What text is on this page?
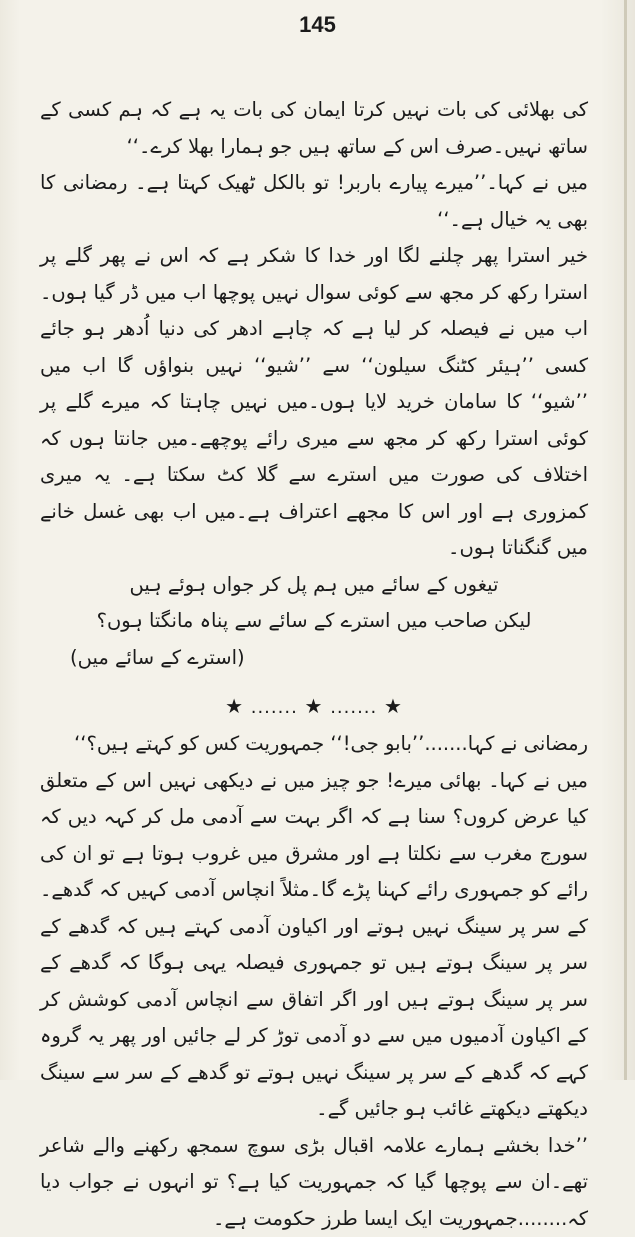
145

کی بھلائی کی بات نہیں کرتا ایمان کی بات یہ ہے کہ ہم کسی کے ساتھ نہیں۔صرف اس کے ساتھ ہیں جو ہمارا بھلا کرے۔‘‘

میں نے کہا۔’’میرے پیارے باربر! تو بالکل ٹھیک کہتا ہے۔ رمضانی کا بھی یہ خیال ہے۔‘‘

خیر استرا پھر چلنے لگا اور خدا کا شکر ہے کہ اس نے پھر گلے پر استرا رکھ کر مجھ سے کوئی سوال نہیں پوچھا اب میں ڈر گیا ہوں۔اب میں نے فیصلہ کر لیا ہے کہ چاہے ادھر کی دنیا اُدھر ہو جائے کسی ’’ہیئر کٹنگ سیلون‘‘ سے ’’شیو‘‘ نہیں بنواؤں گا اب میں ’’شیو‘‘ کا سامان خرید لایا ہوں۔میں نہیں چاہتا کہ میرے گلے پر کوئی استرا رکھ کر مجھ سے میری رائے پوچھے۔میں جانتا ہوں کہ اختلاف کی صورت میں استرے سے گلا کٹ سکتا ہے۔ یہ میری کمزوری ہے اور اس کا مجھے اعتراف ہے۔میں اب بھی غسل خانے میں گنگناتا ہوں۔

تیغوں کے سائے میں ہم پل کر جواں ہوئے ہیں

لیکن صاحب میں استرے کے سائے سے پناہ مانگتا ہوں؟

(استرے کے سائے میں)

★ ....... ★ ....... ★

رمضانی نے کہا.......’’بابو جی!‘‘ جمہوریت کس کو کہتے ہیں؟‘‘

میں نے کہا۔ بھائی میرے! جو چیز میں نے دیکھی نہیں اس کے متعلق کیا عرض کروں؟ سنا ہے کہ اگر بہت سے آدمی مل کر کہہ دیں کہ سورج مغرب سے نکلتا ہے اور مشرق میں غروب ہوتا ہے تو ان کی رائے کو جمہوری رائے کہنا پڑے گا۔مثلاً انچاس آدمی کہیں کہ گدھے۔کے سر پر سینگ نہیں ہوتے اور اکیاون آدمی کہتے ہیں کہ گدھے کے سر پر سینگ ہوتے ہیں تو جمہوری فیصلہ یہی ہوگا کہ گدھے کے سر پر سینگ ہوتے ہیں اور اگر اتفاق سے انچاس آدمی کوشش کر کے اکیاون آدمیوں میں سے دو آدمی توڑ کر لے جائیں اور پھر یہ گروہ کہے کہ گدھے کے سر پر سینگ نہیں ہوتے تو گدھے کے سر سے سینگ دیکھتے دیکھتے غائب ہو جائیں گے۔

’’خدا بخشے ہمارے علامہ اقبال بڑی سوچ سمجھ رکھنے والے شاعر تھے۔ان سے پوچھا گیا کہ جمہوریت کیا ہے؟ تو انہوں نے جواب دیا کہ........جمہوریت ایک ایسا طرز حکومت ہے۔
